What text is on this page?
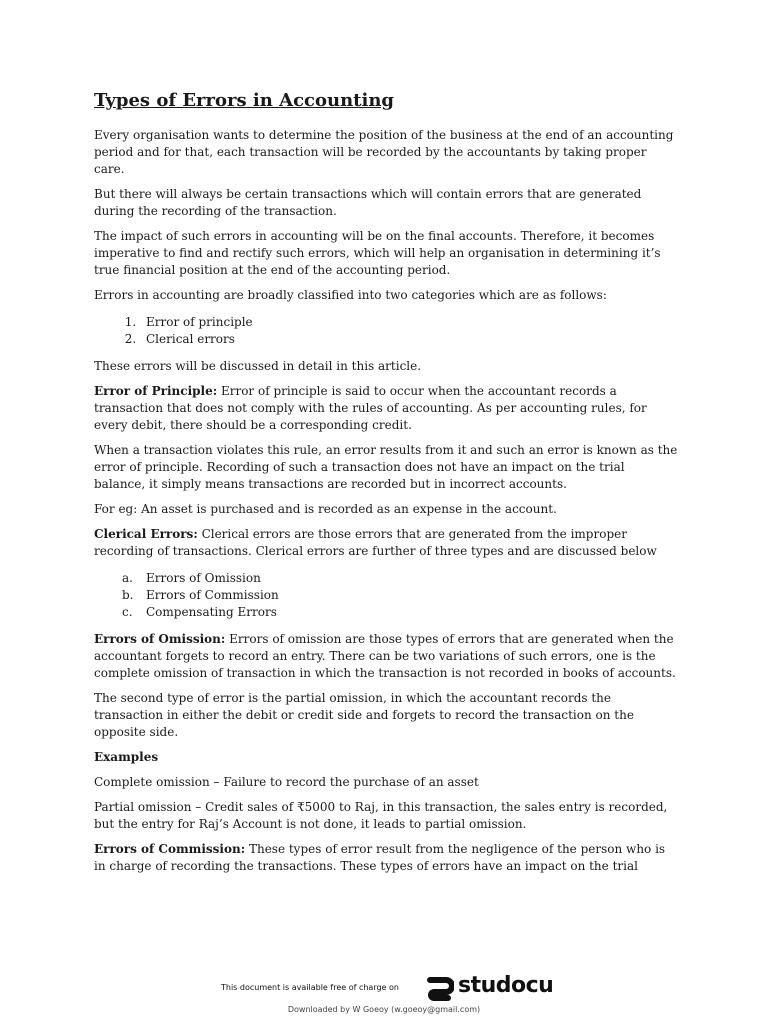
Types of Errors in Accounting

Every organisation wants to determine the position of the business at the end of an accounting period and for that, each transaction will be recorded by the accountants by taking proper care.

But there will always be certain transactions which will contain errors that are generated during the recording of the transaction.

The impact of such errors in accounting will be on the final accounts. Therefore, it becomes imperative to find and rectify such errors, which will help an organisation in determining it’s true financial position at the end of the accounting period.

Errors in accounting are broadly classified into two categories which are as follows:

1. Error of principle
2. Clerical errors

These errors will be discussed in detail in this article.

Error of Principle: Error of principle is said to occur when the accountant records a transaction that does not comply with the rules of accounting. As per accounting rules, for every debit, there should be a corresponding credit.

When a transaction violates this rule, an error results from it and such an error is known as the error of principle. Recording of such a transaction does not have an impact on the trial balance, it simply means transactions are recorded but in incorrect accounts.

For eg: An asset is purchased and is recorded as an expense in the account.

Clerical Errors: Clerical errors are those errors that are generated from the improper recording of transactions. Clerical errors are further of three types and are discussed below

a. Errors of Omission
b. Errors of Commission
c. Compensating Errors

Errors of Omission: Errors of omission are those types of errors that are generated when the accountant forgets to record an entry. There can be two variations of such errors, one is the complete omission of transaction in which the transaction is not recorded in books of accounts.

The second type of error is the partial omission, in which the accountant records the transaction in either the debit or credit side and forgets to record the transaction on the opposite side.

Examples

Complete omission – Failure to record the purchase of an asset

Partial omission – Credit sales of ₹5000 to Raj, in this transaction, the sales entry is recorded, but the entry for Raj’s Account is not done, it leads to partial omission.

Errors of Commission: These types of error result from the negligence of the person who is in charge of recording the transactions. These types of errors have an impact on the trial

This document is available free of charge on	studocu
Downloaded by W Goeoy (w.goeoy@gmail.com)
